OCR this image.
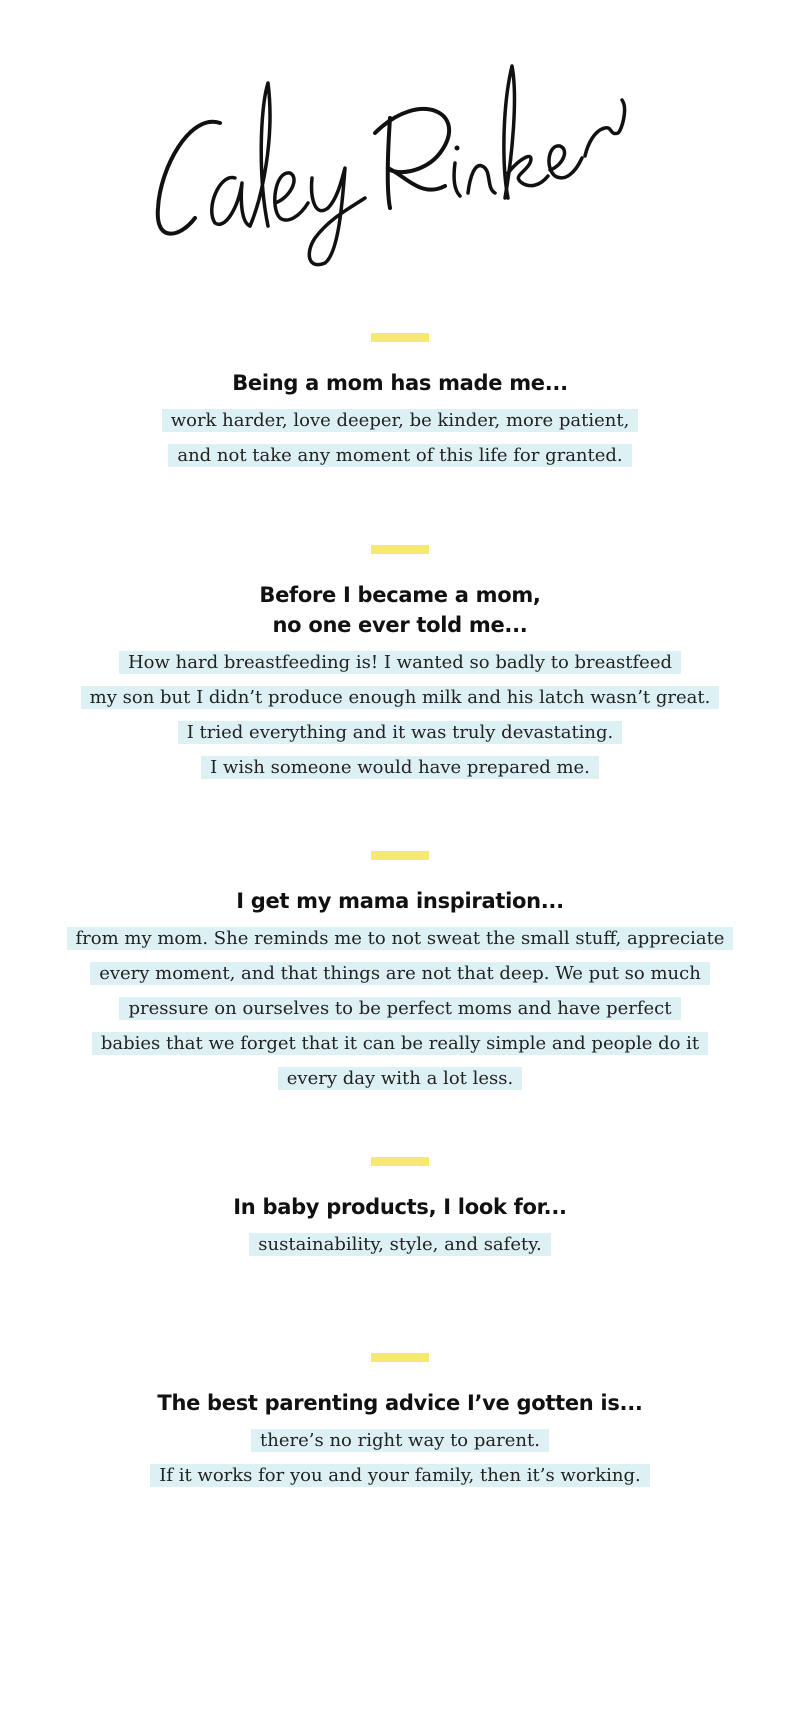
Being a mom has made me...
work harder, love deeper, be kinder, more patient,
and not take any moment of this life for granted.
Before I became a mom,
no one ever told me...
How hard breastfeeding is! I wanted so badly to breastfeed
my son but I didn’t produce enough milk and his latch wasn’t great.
I tried everything and it was truly devastating.
I wish someone would have prepared me.
I get my mama inspiration...
from my mom. She reminds me to not sweat the small stuff, appreciate
every moment, and that things are not that deep. We put so much
pressure on ourselves to be perfect moms and have perfect
babies that we forget that it can be really simple and people do it
every day with a lot less.
In baby products, I look for...
sustainability, style, and safety.
The best parenting advice I’ve gotten is...
there’s no right way to parent.
If it works for you and your family, then it’s working.
